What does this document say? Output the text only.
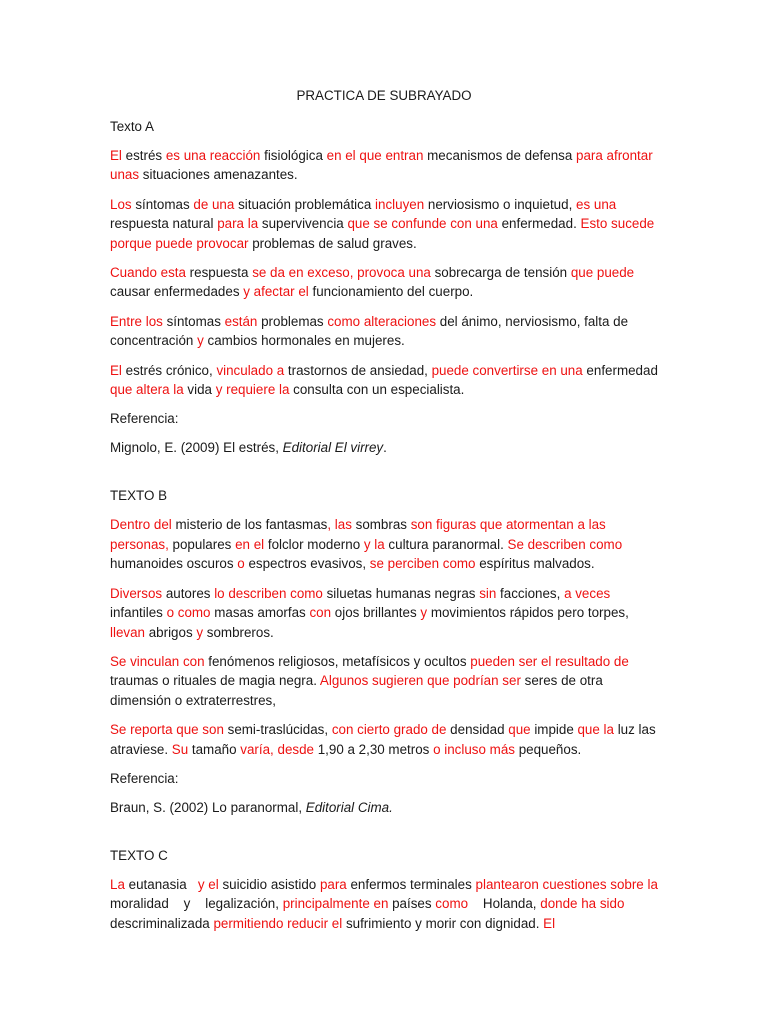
PRACTICA DE SUBRAYADO
Texto A
El estrés es una reacción fisiológica en el que entran mecanismos de defensa para afrontar unas situaciones amenazantes.
Los síntomas de una situación problemática incluyen nerviosismo o inquietud, es una respuesta natural para la supervivencia que se confunde con una enfermedad. Esto sucede porque puede provocar problemas de salud graves.
Cuando esta respuesta se da en exceso, provoca una sobrecarga de tensión que puede causar enfermedades y afectar el funcionamiento del cuerpo.
Entre los síntomas están problemas como alteraciones del ánimo, nerviosismo, falta de concentración y cambios hormonales en mujeres.
El estrés crónico, vinculado a trastornos de ansiedad, puede convertirse en una enfermedad que altera la vida y requiere la consulta con un especialista.
Referencia:
Mignolo, E. (2009) El estrés, Editorial El virrey.
TEXTO B
Dentro del misterio de los fantasmas, las sombras son figuras que atormentan a las personas, populares en el folclor moderno y la cultura paranormal. Se describen como humanoides oscuros o espectros evasivos, se perciben como espíritus malvados.
Diversos autores lo describen como siluetas humanas negras sin facciones, a veces infantiles o como masas amorfas con ojos brillantes y movimientos rápidos pero torpes, llevan abrigos y sombreros.
Se vinculan con fenómenos religiosos, metafísicos y ocultos pueden ser el resultado de traumas o rituales de magia negra. Algunos sugieren que podrían ser seres de otra dimensión o extraterrestres,
Se reporta que son semi-traslúcidas, con cierto grado de densidad que impide que la luz las atraviese. Su tamaño varía, desde 1,90 a 2,30 metros o incluso más pequeños.
Referencia:
Braun, S. (2002) Lo paranormal, Editorial Cima.
TEXTO C
La eutanasia   y el suicidio asistido para enfermos terminales plantearon cuestiones sobre la moralidad    y    legalización, principalmente en países como    Holanda, donde ha sido     descriminalizada permitiendo reducir el sufrimiento y morir con dignidad. El
